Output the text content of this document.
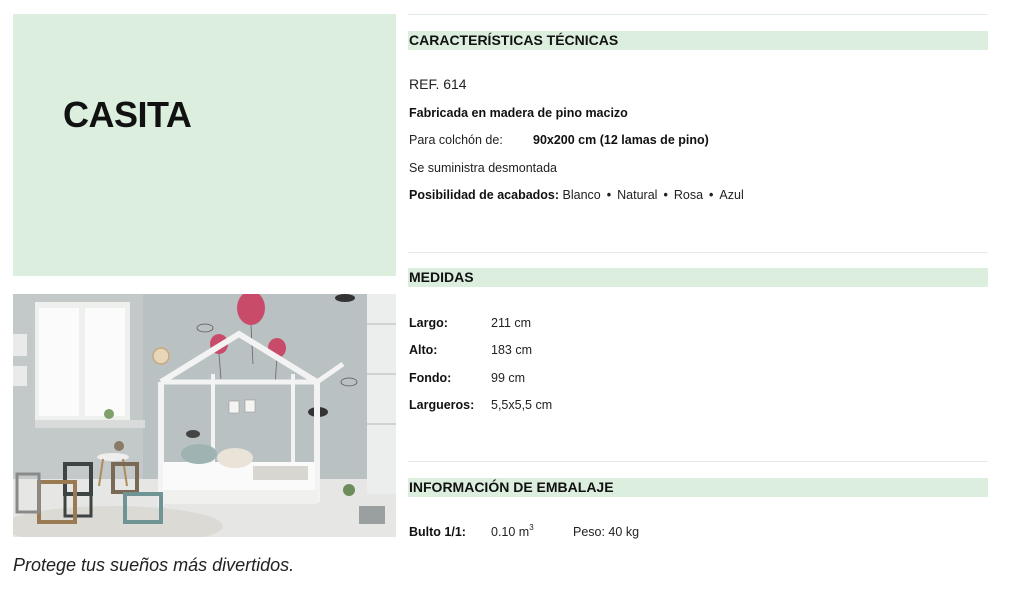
CASITA
Protege tus sueños más divertidos.
CARACTERÍSTICAS TÉCNICAS
REF. 614
Fabricada en madera de pino macizo
Para colchón de: 90x200 cm (12 lamas de pino)
Se suministra desmontada
Posibilidad de acabados: Blanco • Natural • Rosa • Azul
MEDIDAS
Largo:	211 cm
Alto:	183 cm
Fondo:	99 cm
Largueros: 5,5x5,5 cm
INFORMACIÓN DE EMBALAJE
Bulto 1/1: 0.10 $m^3$	Peso: 40 kg
